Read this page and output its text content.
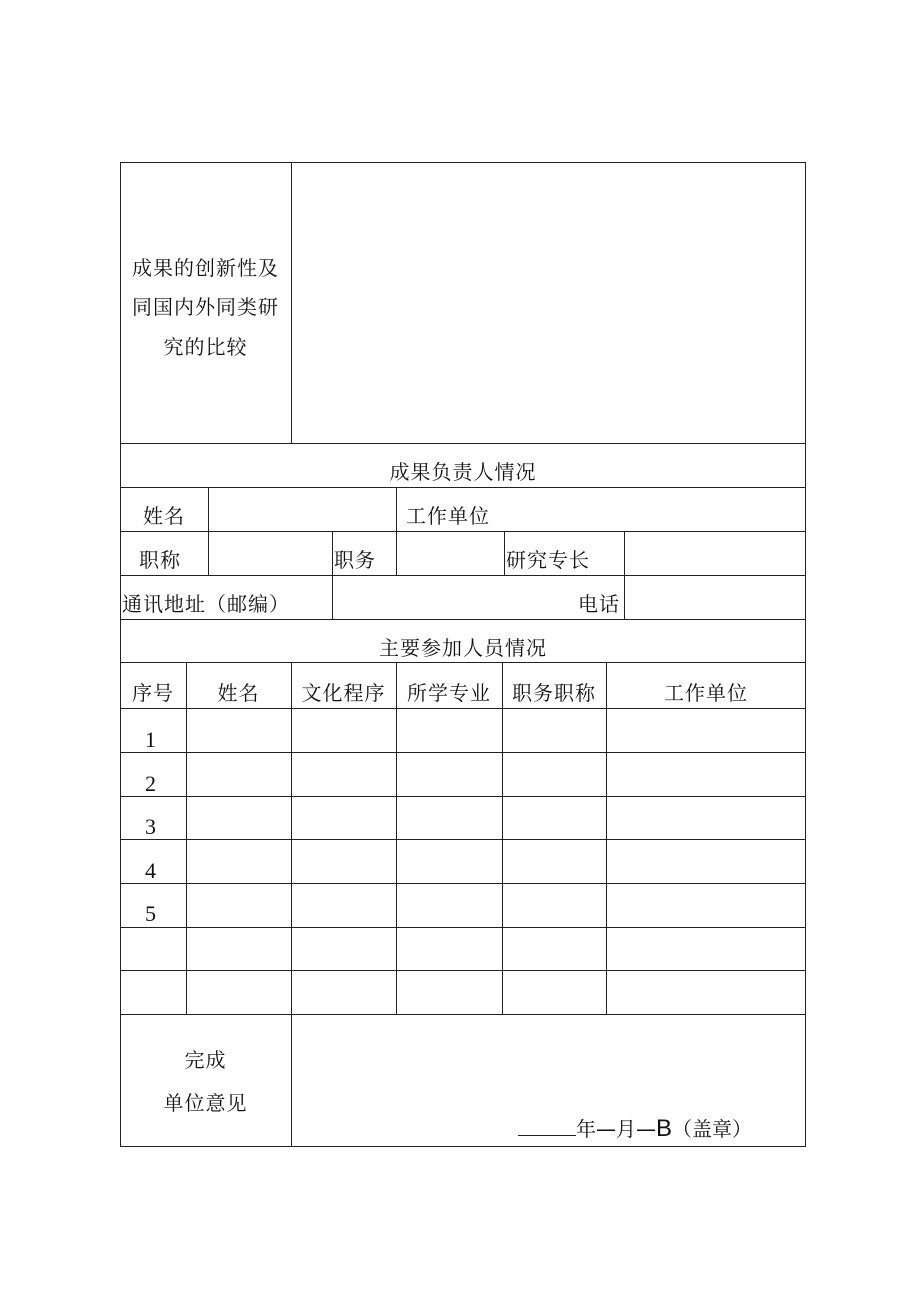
成果的创新性及
同国内外同类研
究的比较
成果负责人情况
姓名	工作单位
职称	职务	研究专长
通讯地址（邮编）	电话
主要参加人员情况
序号	姓名	文化程序	所学专业	职务职称	工作单位
1
2
3
4
5
完成
单位意见
年—月—B（盖章）
